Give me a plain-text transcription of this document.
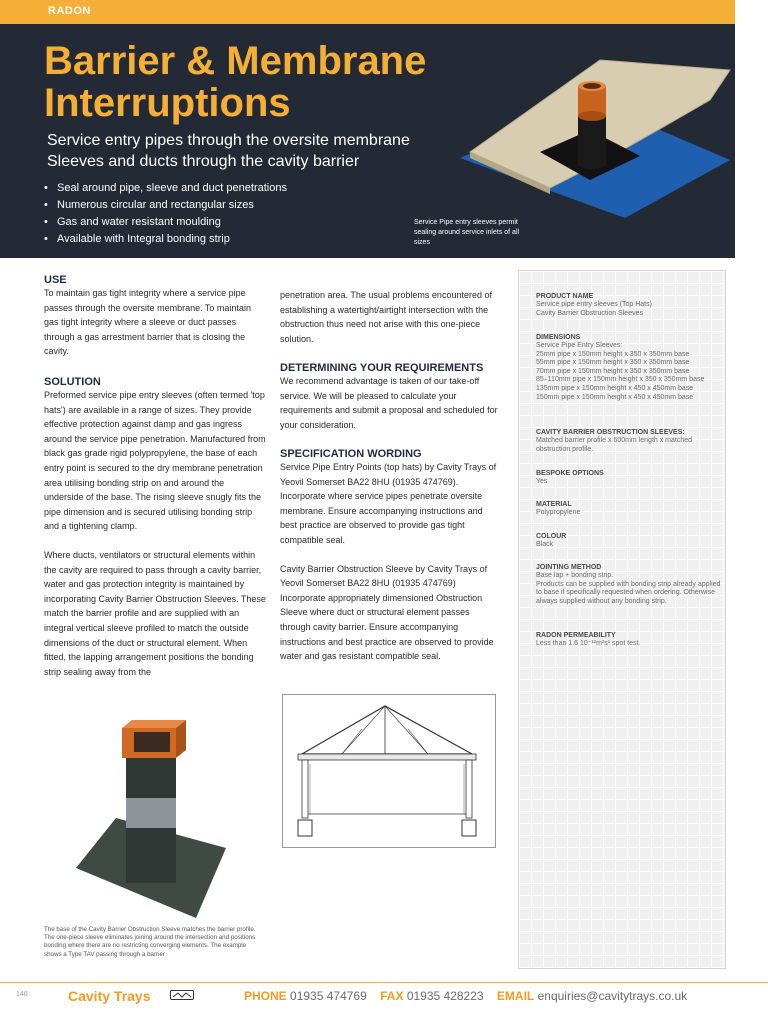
RADON
Barrier & Membrane
Interruptions
Service entry pipes through the oversite membrane
Sleeves and ducts through the cavity barrier
• Seal around pipe, sleeve and duct penetrations
• Numerous circular and rectangular sizes
• Gas and water resistant moulding
• Available with Integral bonding strip
Service Pipe entry sleeves permit sealing around service inlets of all sizes
USE

To maintain gas tight integrity where a service pipe passes through the oversite membrane. To maintain gas tight integrity where a sleeve or duct passes through a gas arrestment barrier that is closing the cavity.

SOLUTION

Preformed service pipe entry sleeves (often termed 'top hats') are available in a range of sizes. They provide effective protection against damp and gas ingress around the service pipe penetration. Manufactured from black gas grade rigid polypropylene, the base of each entry point is secured to the dry membrane penetration area utilising bonding strip on and around the underside of the base. The rising sleeve snugly fits the pipe dimension and is secured utilising bonding strip and a tightening clamp.

Where ducts, ventilators or structural elements within the cavity are required to pass through a cavity barrier, water and gas protection integrity is maintained by incorporating Cavity Barrier Obstruction Sleeves. These match the barrier profile and are supplied with an integral vertical sleeve profiled to match the outside dimensions of the duct or structural element. When fitted, the lapping arrangement positions the bonding strip sealing away from the

The base of the Cavity Barrier Obstruction Sleeve matches the barrier profile. The one-piece sleeve eliminates joining around the intersection and positions bonding where there are no restricting converging elements. The example shows a Type TAV passing through a barrier

penetration area. The usual problems encountered of establishing a watertight/airtight intersection with the obstruction thus need not arise with this one-piece solution.

DETERMINING YOUR REQUIREMENTS

We recommend advantage is taken of our take-off service. We will be pleased to calculate your requirements and submit a proposal and scheduled for your consideration.

SPECIFICATION WORDING

Service Pipe Entry Points (top hats) by Cavity Trays of Yeovil Somerset BA22 8HU (01935 474769). Incorporate where service pipes penetrate oversite membrane. Ensure accompanying instructions and best practice are observed to provide gas tight compatible seal.

Cavity Barrier Obstruction Sleeve by Cavity Trays of Yeovil Somerset BA22 8HU (01935 474769) Incorporate appropriately dimensioned Obstruction Sleeve where duct or structural element passes through cavity barrier. Ensure accompanying instructions and best practice are observed to provide water and gas resistant compatible seal.

PRODUCT NAME
Service pipe entry sleeves (Top Hats)
Cavity Barrier Obstruction Sleeves
DIMENSIONS
Service Pipe Entry Sleeves:
25mm pipe x 150mm height x 350 x 350mm base
55mm pipe x 150mm height x 350 x 350mm base
70mm pipe x 150mm height x 350 x 350mm base
85–110mm pipe x 150mm height x 350 x 350mm base
135mm pipe x 150mm height x 450 x 450mm base
150mm pipe x 150mm height x 450 x 450mm base
CAVITY BARRIER OBSTRUCTION SLEEVES:
Matched barrier profile x 600mm length x matched obstruction profile.
BESPOKE OPTIONS
Yes
MATERIAL
Polypropylene
COLOUR
Black
JOINTING METHOD
Base lap + bonding strip.
Products can be supplied with bonding strip already applied to base if specifically requested when ordering. Otherwise always supplied without any bonding strip.
RADON PERMEABILITY
Less than 1.6 10⁻¹²m²s¹ spot test.
146	Cavity Trays	PHONE 01935 474769 FAX 01935 428223 EMAIL enquiries@cavitytrays.co.uk
